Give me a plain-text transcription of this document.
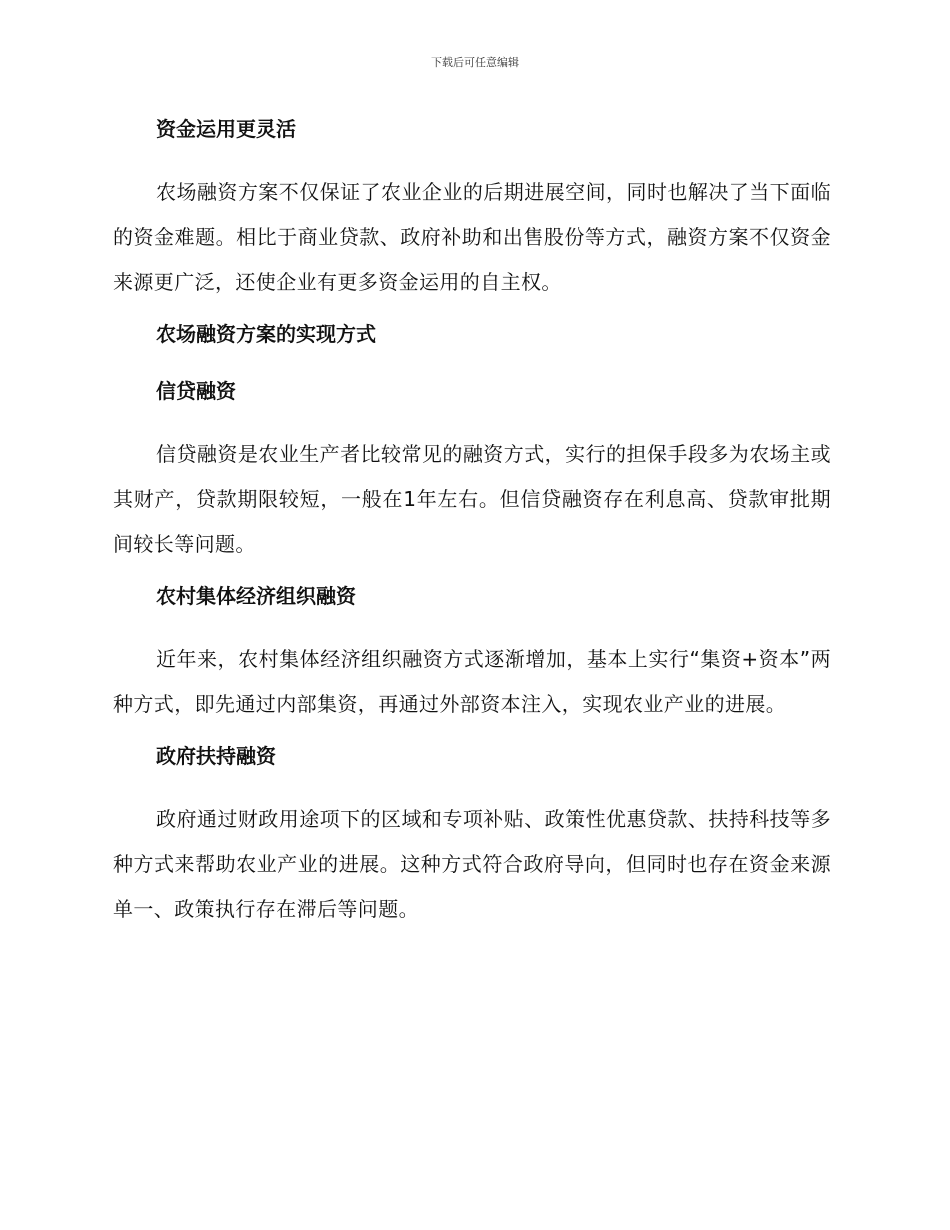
下载后可任意编辑
资金运用更灵活
农场融资方案不仅保证了农业企业的后期进展空间，同时也解决了当下面临的资金难题。相比于商业贷款、政府补助和出售股份等方式，融资方案不仅资金来源更广泛，还使企业有更多资金运用的自主权。
农场融资方案的实现方式
信贷融资
信贷融资是农业生产者比较常见的融资方式，实行的担保手段多为农场主或其财产，贷款期限较短，一般在1年左右。但信贷融资存在利息高、贷款审批期间较长等问题。
农村集体经济组织融资
近年来，农村集体经济组织融资方式逐渐增加，基本上实行“集资+资本”两种方式，即先通过内部集资，再通过外部资本注入，实现农业产业的进展。
政府扶持融资
政府通过财政用途项下的区域和专项补贴、政策性优惠贷款、扶持科技等多种方式来帮助农业产业的进展。这种方式符合政府导向，但同时也存在资金来源单一、政策执行存在滞后等问题。
